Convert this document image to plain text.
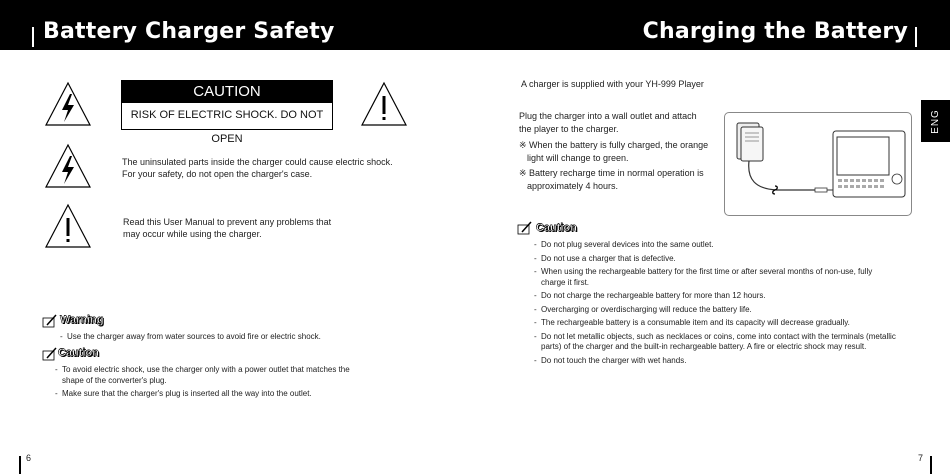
Battery Charger Safety	Charging the Battery
ENG
CAUTION
RISK OF ELECTRIC SHOCK. DO NOT OPEN
The uninsulated parts inside the charger could cause electric shock.
For your safety, do not open the charger's case.
Read this User Manual to prevent any problems that
may occur while using the charger.
Warning
- Use the charger away from water sources to avoid fire or electric shock.
Caution
- To avoid electric shock, use the charger only with a power outlet that matches the shape of the converter's plug.
- Make sure that the charger's plug is inserted all the way into the outlet.
6
A charger is supplied with your YH-999 Player
Plug the charger into a wall outlet and attach
the player to the charger.
※ When the battery is fully charged, the orange
light will change to green.
※ Battery recharge time in normal operation is
approximately 4 hours.
Caution
- Do not plug several devices into the same outlet.
- Do not use a charger that is defective.
- When using the rechargeable battery for the first time or after several months of non-use, fully charge it first.
- Do not charge the rechargeable battery for more than 12 hours.
- Overcharging or overdischarging will reduce the battery life.
- The rechargeable battery is a consumable item and its capacity will decrease gradually.
- Do not let metallic objects, such as necklaces or coins, come into contact with the terminals (metallic parts) of the charger and the built-in rechargeable battery. A fire or electric shock may result.
- Do not touch the charger with wet hands.
7
